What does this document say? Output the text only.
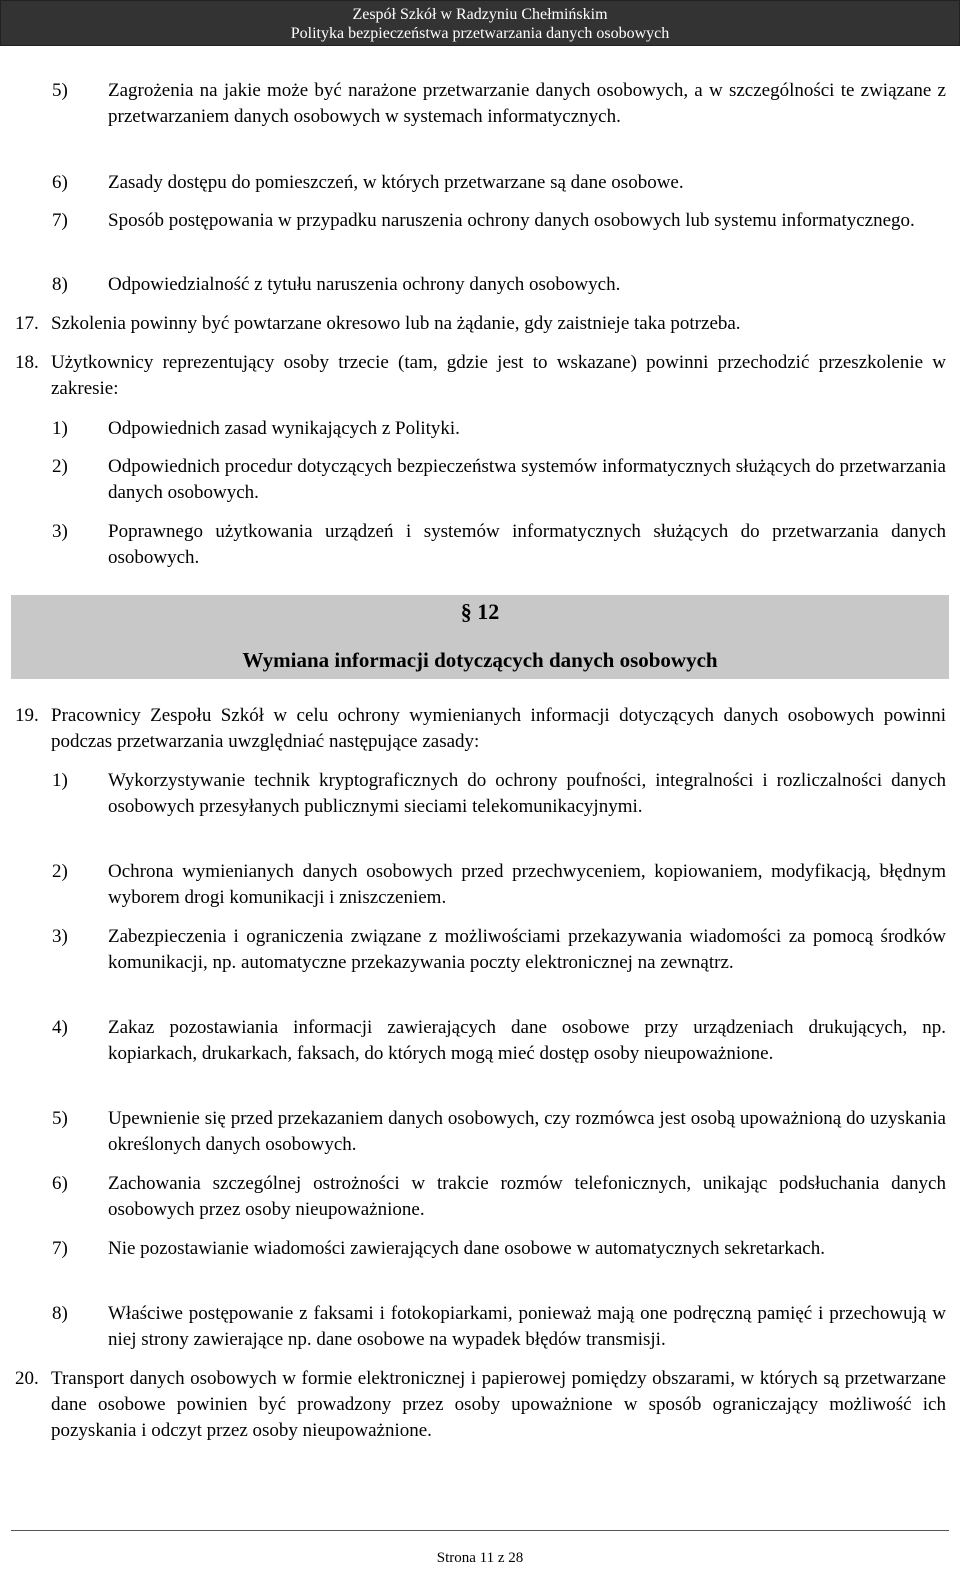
Zespół Szkół w Radzyniu Chełmińskim
Polityka bezpieczeństwa przetwarzania danych osobowych
5) Zagrożenia na jakie może być narażone przetwarzanie danych osobowych, a w szczególności te związane z przetwarzaniem danych osobowych w systemach informatycznych.
6) Zasady dostępu do pomieszczeń, w których przetwarzane są dane osobowe.
7) Sposób postępowania w przypadku naruszenia ochrony danych osobowych lub systemu informatycznego.
8) Odpowiedzialność z tytułu naruszenia ochrony danych osobowych.
17. Szkolenia powinny być powtarzane okresowo lub na żądanie, gdy zaistnieje taka potrzeba.
18. Użytkownicy reprezentujący osoby trzecie (tam, gdzie jest to wskazane) powinni przechodzić przeszkolenie w zakresie:
1) Odpowiednich zasad wynikających z Polityki.
2) Odpowiednich procedur dotyczących bezpieczeństwa systemów informatycznych służących do przetwarzania danych osobowych.
3) Poprawnego użytkowania urządzeń i systemów informatycznych służących do przetwarzania danych osobowych.
§ 12
Wymiana informacji dotyczących danych osobowych
19. Pracownicy Zespołu Szkół w celu ochrony wymienianych informacji dotyczących danych osobowych powinni podczas przetwarzania uwzględniać następujące zasady:
1) Wykorzystywanie technik kryptograficznych do ochrony poufności, integralności i rozliczalności danych osobowych przesyłanych publicznymi sieciami telekomunikacyjnymi.
2) Ochrona wymienianych danych osobowych przed przechwyceniem, kopiowaniem, modyfikacją, błędnym wyborem drogi komunikacji i zniszczeniem.
3) Zabezpieczenia i ograniczenia związane z możliwościami przekazywania wiadomości za pomocą środków komunikacji, np. automatyczne przekazywania poczty elektronicznej na zewnątrz.
4) Zakaz pozostawiania informacji zawierających dane osobowe przy urządzeniach drukujących, np. kopiarkach, drukarkach, faksach, do których mogą mieć dostęp osoby nieupoważnione.
5) Upewnienie się przed przekazaniem danych osobowych, czy rozmówca jest osobą upoważnioną do uzyskania określonych danych osobowych.
6) Zachowania szczególnej ostrożności w trakcie rozmów telefonicznych, unikając podsłuchania danych osobowych przez osoby nieupoważnione.
7) Nie pozostawianie wiadomości zawierających dane osobowe w automatycznych sekretarkach.
8) Właściwe postępowanie z faksami i fotokopiarkami, ponieważ mają one podręczną pamięć i przechowują w niej strony zawierające np. dane osobowe na wypadek błędów transmisji.
20. Transport danych osobowych w formie elektronicznej i papierowej pomiędzy obszarami, w których są przetwarzane dane osobowe powinien być prowadzony przez osoby upoważnione w sposób ograniczający możliwość ich pozyskania i odczyt przez osoby nieupoważnione.
Strona 11 z 28
